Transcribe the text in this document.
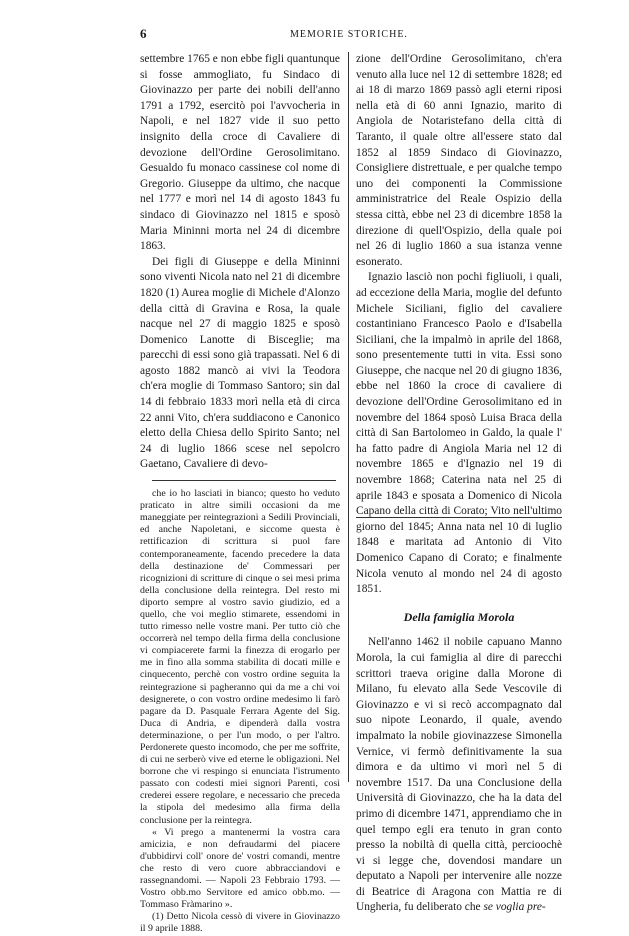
6	MEMORIE STORICHE.

settembre 1765 e non ebbe figli quantunque si fosse ammogliato, fu Sindaco di Giovinazzo per parte dei nobili dell'anno 1791 a 1792, esercitò poi l'avvocheria in Napoli, e nel 1827 vide il suo petto insignito della croce di Cavaliere di devozione dell'Ordine Gerosolimitano. Gesualdo fu monaco cassinese col nome di Gregorio. Giuseppe da ultimo, che nacque nel 1777 e morì nel 14 di agosto 1843 fu sindaco di Giovinazzo nel 1815 e sposò Maria Mininni morta nel 24 di dicembre 1863.

Dei figli di Giuseppe e della Mininni sono viventi Nicola nato nel 21 di dicembre 1820 (1) Aurea moglie di Michele d'Alonzo della città di Gravina e Rosa, la quale nacque nel 27 di maggio 1825 e sposò Domenico Lanotte di Bisceglie; ma parecchi di essi sono già trapassati. Nel 6 di agosto 1882 mancò ai vivi la Teodora ch'era moglie di Tommaso Santoro; sin dal 14 di febbraio 1833 morì nella età di circa 22 anni Vito, ch'era suddiacono e Canonico eletto della Chiesa dello Spirito Santo; nel 24 di luglio 1866 scese nel sepolcro Gaetano, Cavaliere di devo-

che io ho lasciati in bianco; questo ho veduto praticato in altre simili occasioni da me maneggiate per reintegrazioni a Sedili Provinciali, ed anche Napoletani, e siccome questa è rettificazion di scrittura si puol fare contemporaneamente, facendo precedere la data della destinazione de' Commessari per ricognizioni di scritture di cinque o sei mesi prima della conclusione della reintegra. Del resto mi diporto sempre al vostro savio giudizio, ed a quello, che voi meglio stimarete, essendomi in tutto rimesso nelle vostre mani. Per tutto ciò che occorrerà nel tempo della firma della conclusione vi compiacerete farmi la finezza di erogarlo per me in fino alla somma stabilita di docati mille e cinquecento, perchè con vostro ordine seguita la reintegrazione si pagheranno qui da me a chi voi designerete, o con vostro ordine medesimo li farò pagare da D. Pasquale Ferrara Agente del Sig. Duca di Andria, e dipenderà dalla vostra determinazione, o per l'un modo, o per l'altro. Perdonerete questo incomodo, che per me soffrite, di cui ne serberò vive ed eterne le obligazioni. Nel borrone che vi respingo si enunciata l'istrumento passato con codesti miei signori Parenti, così crederei essere regolare, e necessario che preceda la stipola del medesimo alla firma della conclusione per la reintegra.

« Vi prego a mantenermi la vostra cara amicizia, e non defraudarmi del piacere d'ubbidirvi coll' onore de' vostri comandi, mentre che resto di vero cuore abbracciandovi e rassegnandomi. — Napoli 23 Febbraio 1793. — Vostro obb.mo Servitore ed amico obb.mo. — Tommaso Fràmarino ».

(1) Detto Nicola cessò di vivere in Giovinazzo il 9 aprile 1888.

zione dell'Ordine Gerosolimitano, ch'era venuto alla luce nel 12 di settembre 1828; ed ai 18 di marzo 1869 passò agli eterni riposi nella età di 60 anni Ignazio, marito di Angiola de Notaristefano della città di Taranto, il quale oltre all'essere stato dal 1852 al 1859 Sindaco di Giovinazzo, Consigliere distrettuale, e per qualche tempo uno dei componenti la Commissione amministratrice del Reale Ospizio della stessa città, ebbe nel 23 di dicembre 1858 la direzione di quell'Ospizio, della quale poi nel 26 di luglio 1860 a sua istanza venne esonerato.

Ignazio lasciò non pochi figliuoli, i quali, ad eccezione della Maria, moglie del defunto Michele Siciliani, figlio del cavaliere costantiniano Francesco Paolo e d'Isabella Siciliani, che la impalmò in aprile del 1868, sono presentemente tutti in vita. Essi sono Giuseppe, che nacque nel 20 di giugno 1836, ebbe nel 1860 la croce di cavaliere di devozione dell'Ordine Gerosolimitano ed in novembre del 1864 sposò Luisa Braca della città di San Bartolomeo in Galdo, la quale l' ha fatto padre di Angiola Maria nel 12 di novembre 1865 e d'Ignazio nel 19 di novembre 1868; Caterina nata nel 25 di aprile 1843 e sposata a Domenico di Nicola Capano della città di Corato; Vito nell'ultimo giorno del 1845; Anna nata nel 10 di luglio 1848 e maritata ad Antonio di Vito Domenico Capano di Corato; e finalmente Nicola venuto al mondo nel 24 di agosto 1851.

Della famiglia Morola

Nell'anno 1462 il nobile capuano Manno Morola, la cui famiglia al dire di parecchi scrittori traeva origine dalla Morone di Milano, fu elevato alla Sede Vescovile di Giovinazzo e vi si recò accompagnato dal suo nipote Leonardo, il quale, avendo impalmato la nobile giovinazzese Simonella Vernice, vi fermò definitivamente la sua dimora e da ultimo vi morì nel 5 di novembre 1517. Da una Conclusione della Università di Giovinazzo, che ha la data del primo di dicembre 1471, apprendiamo che in quel tempo egli era tenuto in gran conto presso la nobiltà di quella città, percioochè vi si legge che, dovendosi mandare un deputato a Napoli per intervenire alle nozze di Beatrice di Aragona con Mattia re di Ungheria, fu deliberato che se voglia pre-
